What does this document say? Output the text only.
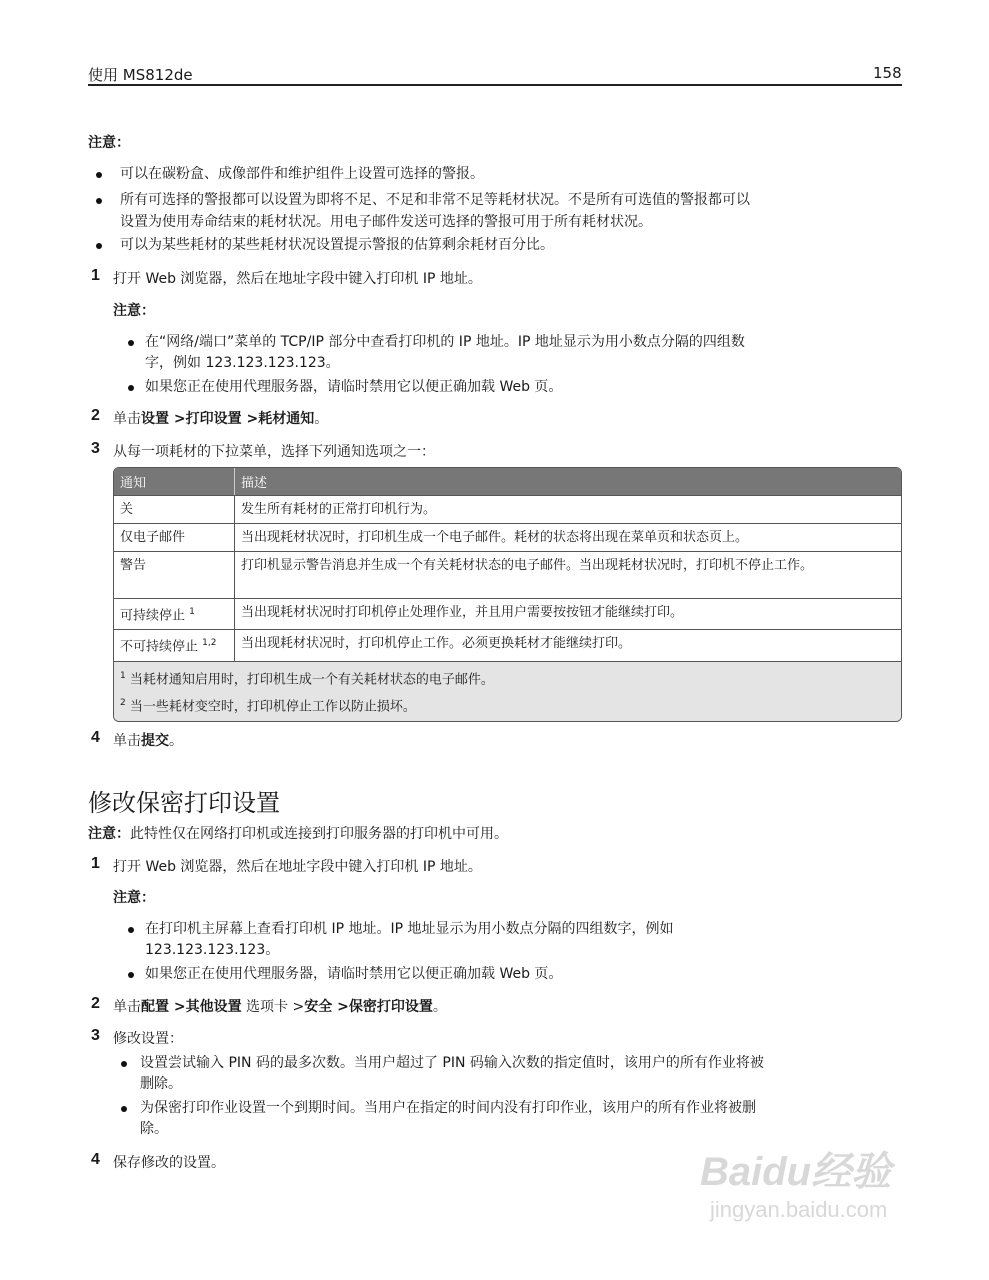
使用 MS812de	158
注意：
可以在碳粉盒、成像部件和维护组件上设置可选择的警报。
所有可选择的警报都可以设置为即将不足、不足和非常不足等耗材状况。不是所有可选值的警报都可以
设置为使用寿命结束的耗材状况。用电子邮件发送可选择的警报可用于所有耗材状况。
可以为某些耗材的某些耗材状况设置提示警报的估算剩余耗材百分比。
1 打开 Web 浏览器，然后在地址字段中键入打印机 IP 地址。
注意：
在“网络/端口”菜单的 TCP/IP 部分中查看打印机的 IP 地址。IP 地址显示为用小数点分隔的四组数
字，例如 123.123.123.123。
如果您正在使用代理服务器，请临时禁用它以便正确加载 Web 页。
2 单击设置 >打印设置 >耗材通知。
3 从每一项耗材的下拉菜单，选择下列通知选项之一：
通知	描述
关	发生所有耗材的正常打印机行为。
仅电子邮件	当出现耗材状况时，打印机生成一个电子邮件。耗材的状态将出现在菜单页和状态页上。
警告	打印机显示警告消息并生成一个有关耗材状态的电子邮件。当出现耗材状况时，打印机不停止工作。
可持续停止 $^1$	当出现耗材状况时打印机停止处理作业，并且用户需要按按钮才能继续打印。
不可持续停止 $^{1,2}$	当出现耗材状况时，打印机停止工作。必须更换耗材才能继续打印。

$^1$ 当耗材通知启用时，打印机生成一个有关耗材状态的电子邮件。
$^2$ 当一些耗材变空时，打印机停止工作以防止损坏。	
4 单击提交。
修改保密打印设置
注意：此特性仅在网络打印机或连接到打印服务器的打印机中可用。
1 打开 Web 浏览器，然后在地址字段中键入打印机 IP 地址。
注意：
在打印机主屏幕上查看打印机 IP 地址。IP 地址显示为用小数点分隔的四组数字，例如
123.123.123.123。
如果您正在使用代理服务器，请临时禁用它以便正确加载 Web 页。
2 单击配置 >其他设置 选项卡 >安全 >保密打印设置。
3 修改设置：
设置尝试输入 PIN 码的最多次数。当用户超过了 PIN 码输入次数的指定值时，该用户的所有作业将被
删除。
为保密打印作业设置一个到期时间。当用户在指定的时间内没有打印作业，该用户的所有作业将被删
除。
4 保存修改的设置。	Baidu经验
jingyan.baidu.com
